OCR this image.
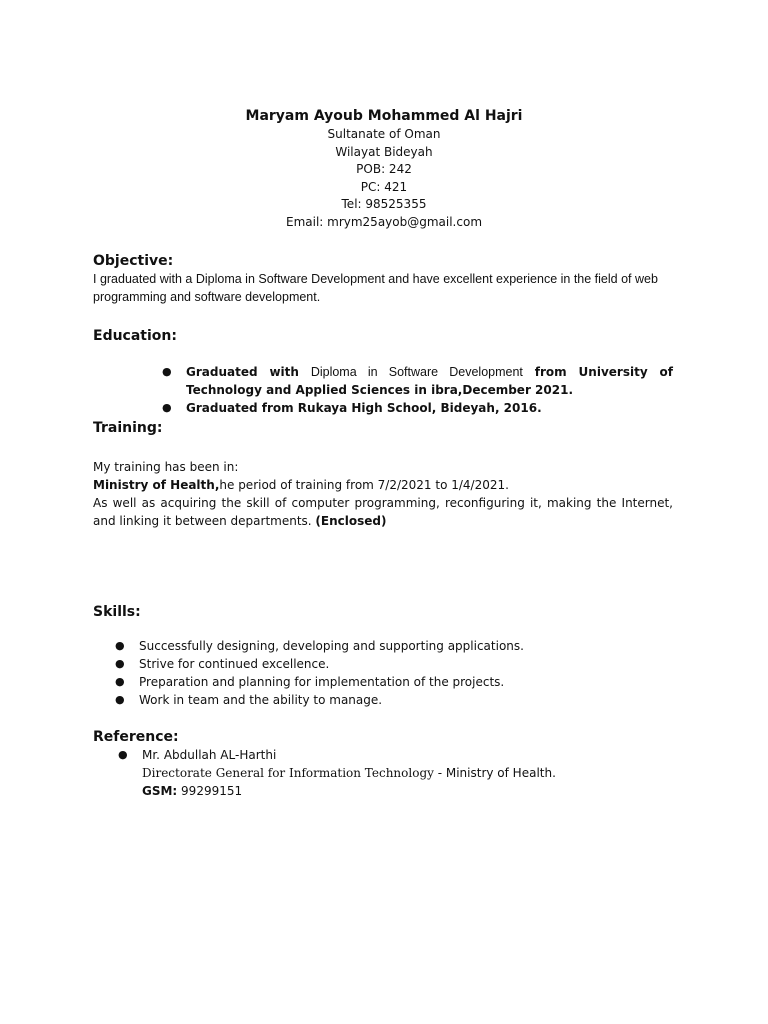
Maryam Ayoub Mohammed Al Hajri
Sultanate of Oman
Wilayat Bideyah
POB: 242
PC: 421
Tel: 98525355
Email: mrym25ayob@gmail.com
Objective:
I graduated with a Diploma in Software Development and have excellent experience in the field of web programming and software development.
Education:
● Graduated with Diploma in Software Development from University of Technology and Applied Sciences in ibra,December 2021.
● Graduated from Rukaya High School, Bideyah, 2016.
Training:
My training has been in:
Ministry of Health,he period of training from 7/2/2021 to 1/4/2021.
As well as acquiring the skill of computer programming, reconfiguring it, making the Internet, and linking it between departments. (Enclosed)
Skills:
● Successfully designing, developing and supporting applications.
● Strive for continued excellence.
● Preparation and planning for implementation of the projects.
● Work in team and the ability to manage.
Reference:
● Mr. Abdullah AL-Harthi
Directorate General for Information Technology - Ministry of Health.
GSM: 99299151
